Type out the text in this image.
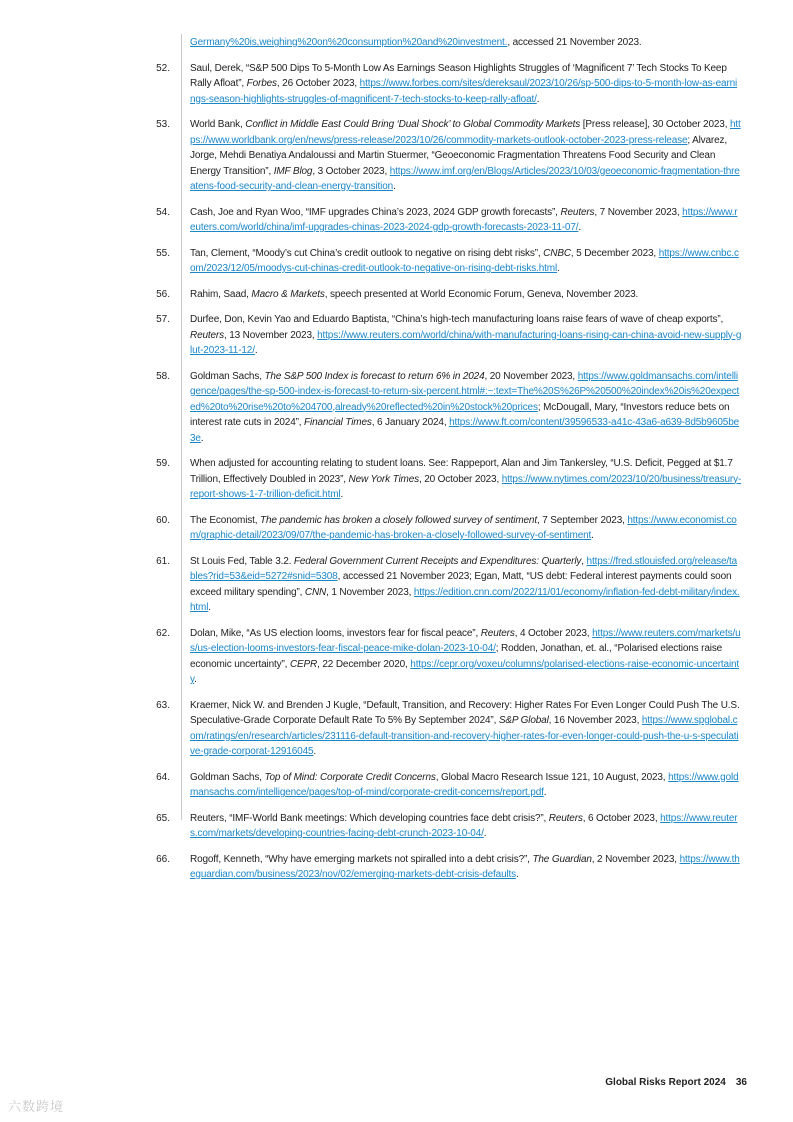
Germany%20is,weighing%20on%20consumption%20and%20investment., accessed 21 November 2023.
52. Saul, Derek, “S&P 500 Dips To 5-Month Low As Earnings Season Highlights Struggles of ‘Magnificent 7’ Tech Stocks To Keep Rally Afloat”, Forbes, 26 October 2023, https://www.forbes.com/sites/dereksaul/2023/10/26/sp-500-dips-to-5-month-low-as-earnings-season-highlights-struggles-of-magnificent-7-tech-stocks-to-keep-rally-afloat/.
53. World Bank, Conflict in Middle East Could Bring ‘Dual Shock’ to Global Commodity Markets [Press release], 30 October 2023, https://www.worldbank.org/en/news/press-release/2023/10/26/commodity-markets-outlook-october-2023-press-release; Alvarez, Jorge, Mehdi Benatiya Andaloussi and Martin Stuermer, “Geoeconomic Fragmentation Threatens Food Security and Clean Energy Transition”, IMF Blog, 3 October 2023, https://www.imf.org/en/Blogs/Articles/2023/10/03/geoeconomic-fragmentation-threatens-food-security-and-clean-energy-transition.
54. Cash, Joe and Ryan Woo, “IMF upgrades China’s 2023, 2024 GDP growth forecasts”, Reuters, 7 November 2023, https://www.reuters.com/world/china/imf-upgrades-chinas-2023-2024-gdp-growth-forecasts-2023-11-07/.
55. Tan, Clement, “Moody’s cut China’s credit outlook to negative on rising debt risks”, CNBC, 5 December 2023, https://www.cnbc.com/2023/12/05/moodys-cut-chinas-credit-outlook-to-negative-on-rising-debt-risks.html.
56. Rahim, Saad, Macro & Markets, speech presented at World Economic Forum, Geneva, November 2023.
57. Durfee, Don, Kevin Yao and Eduardo Baptista, “China’s high-tech manufacturing loans raise fears of wave of cheap exports”, Reuters, 13 November 2023, https://www.reuters.com/world/china/with-manufacturing-loans-rising-can-china-avoid-new-supply-glut-2023-11-12/.
58. Goldman Sachs, The S&P 500 Index is forecast to return 6% in 2024, 20 November 2023, https://www.goldmansachs.com/intelligence/pages/the-sp-500-index-is-forecast-to-return-six-percent.html#:~:text=The%20S%26P%20500%20index%20is%20expected%20to%20rise%20to%204700,already%20reflected%20in%20stock%20prices; McDougall, Mary, “Investors reduce bets on interest rate cuts in 2024”, Financial Times, 6 January 2024, https://www.ft.com/content/39596533-a41c-43a6-a639-8d5b9605be3e.
59. When adjusted for accounting relating to student loans. See: Rappeport, Alan and Jim Tankersley, “U.S. Deficit, Pegged at $1.7 Trillion, Effectively Doubled in 2023”, New York Times, 20 October 2023, https://www.nytimes.com/2023/10/20/business/treasury-report-shows-1-7-trillion-deficit.html.
60. The Economist, The pandemic has broken a closely followed survey of sentiment, 7 September 2023, https://www.economist.com/graphic-detail/2023/09/07/the-pandemic-has-broken-a-closely-followed-survey-of-sentiment.
61. St Louis Fed, Table 3.2. Federal Government Current Receipts and Expenditures: Quarterly, https://fred.stlouisfed.org/release/tables?rid=53&eid=5272#snid=5308, accessed 21 November 2023; Egan, Matt, “US debt: Federal interest payments could soon exceed military spending”, CNN, 1 November 2023, https://edition.cnn.com/2022/11/01/economy/inflation-fed-debt-military/index.html.
62. Dolan, Mike, “As US election looms, investors fear for fiscal peace”, Reuters, 4 October 2023, https://www.reuters.com/markets/us/us-election-looms-investors-fear-fiscal-peace-mike-dolan-2023-10-04/; Rodden, Jonathan, et. al., “Polarised elections raise economic uncertainty”, CEPR, 22 December 2020, https://cepr.org/voxeu/columns/polarised-elections-raise-economic-uncertainty.
63. Kraemer, Nick W. and Brenden J Kugle, “Default, Transition, and Recovery: Higher Rates For Even Longer Could Push The U.S. Speculative-Grade Corporate Default Rate To 5% By September 2024”, S&P Global, 16 November 2023, https://www.spglobal.com/ratings/en/research/articles/231116-default-transition-and-recovery-higher-rates-for-even-longer-could-push-the-u-s-speculative-grade-corporat-12916045.
64. Goldman Sachs, Top of Mind: Corporate Credit Concerns, Global Macro Research Issue 121, 10 August, 2023, https://www.goldmansachs.com/intelligence/pages/top-of-mind/corporate-credit-concerns/report.pdf.
65. Reuters, “IMF-World Bank meetings: Which developing countries face debt crisis?”, Reuters, 6 October 2023, https://www.reuters.com/markets/developing-countries-facing-debt-crunch-2023-10-04/.
66. Rogoff, Kenneth, “Why have emerging markets not spiralled into a debt crisis?”, The Guardian, 2 November 2023, https://www.theguardian.com/business/2023/nov/02/emerging-markets-debt-crisis-defaults.
Global Risks Report 2024 36
六数跨境
